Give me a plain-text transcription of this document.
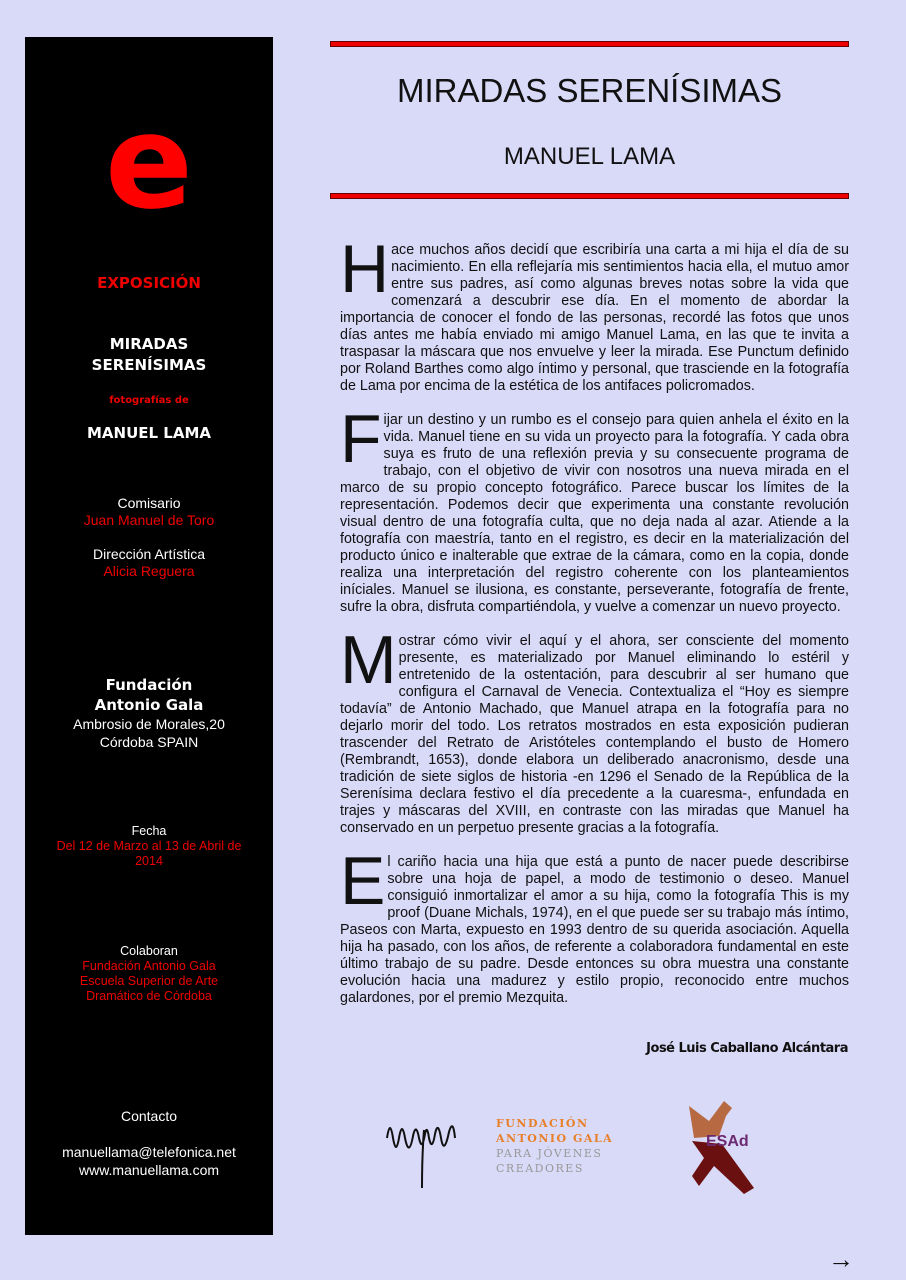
e
EXPOSICIÓN
MIRADAS
SERENÍSIMAS
fotografías de
MANUEL LAMA
Comisario
Juan Manuel de Toro
Dirección Artística
Alicia Reguera
Fundación
Antonio Gala
Ambrosio de Morales,20
Córdoba SPAIN
Fecha
Del 12 de Marzo al 13 de Abril de 2014
Colaboran
Fundación Antonio Gala
Escuela Superior de Arte
Dramático de Córdoba
Contacto
manuellama@telefonica.net
www.manuellama.com
MIRADAS SERENÍSIMAS
MANUEL LAMA

Hace muchos años decidí que escribiría una carta a mi hija el día de su nacimiento. En ella reflejaría mis sentimientos hacia ella, el mutuo amor entre sus padres, así como algunas breves notas sobre la vida que comenzará a descubrir ese día. En el momento de abordar la importancia de conocer el fondo de las personas, recordé las fotos que unos días antes me había enviado mi amigo Manuel Lama, en las que te invita a traspasar la máscara que nos envuelve y leer la mirada. Ese Punctum definido por Roland Barthes como algo íntimo y personal, que trasciende en la fotografía de Lama por encima de la estética de los antifaces policromados.

Fijar un destino y un rumbo es el consejo para quien anhela el éxito en la vida. Manuel tiene en su vida un proyecto para la fotografía. Y cada obra suya es fruto de una reflexión previa y su consecuente programa de trabajo, con el objetivo de vivir con nosotros una nueva mirada en el marco de su propio concepto fotográfico. Parece buscar los límites de la representación. Podemos decir que experimenta una constante revolución visual dentro de una fotografía culta, que no deja nada al azar. Atiende a la fotografía con maestría, tanto en el registro, es decir en la materialización del producto único e inalterable que extrae de la cámara, como en la copia, donde realiza una interpretación del registro coherente con los planteamientos iníciales. Manuel se ilusiona, es constante, perseverante, fotografía de frente, sufre la obra, disfruta compartiéndola, y vuelve a comenzar un nuevo proyecto.

Mostrar cómo vivir el aquí y el ahora, ser consciente del momento presente, es materializado por Manuel eliminando lo estéril y entretenido de la ostentación, para descubrir al ser humano que configura el Carnaval de Venecia. Contextualiza el “Hoy es siempre todavía” de Antonio Machado, que Manuel atrapa en la fotografía para no dejarlo morir del todo. Los retratos mostrados en esta exposición pudieran trascender del Retrato de Aristóteles contemplando el busto de Homero (Rembrandt, 1653), donde elabora un deliberado anacronismo, desde una tradición de siete siglos de historia -en 1296 el Senado de la República de la Serenísima declara festivo el día precedente a la cuaresma-, enfundada en trajes y máscaras del XVIII, en contraste con las miradas que Manuel ha conservado en un perpetuo presente gracias a la fotografía.

El cariño hacia una hija que está a punto de nacer puede describirse sobre una hoja de papel, a modo de testimonio o deseo. Manuel consiguió inmortalizar el amor a su hija, como la fotografía This is my proof (Duane Michals, 1974), en el que puede ser su trabajo más íntimo, Paseos con Marta, expuesto en 1993 dentro de su querida asociación. Aquella hija ha pasado, con los años, de referente a colaboradora fundamental en este último trabajo de su padre. Desde entonces su obra muestra una constante evolución hacia una madurez y estilo propio, reconocido entre muchos galardones, por el premio Mezquita.

José Luis Caballano Alcántara
FUNDACIÓN
ANTONIO GALA
PARA JÓVENES
CREADORES
ESAd
→
